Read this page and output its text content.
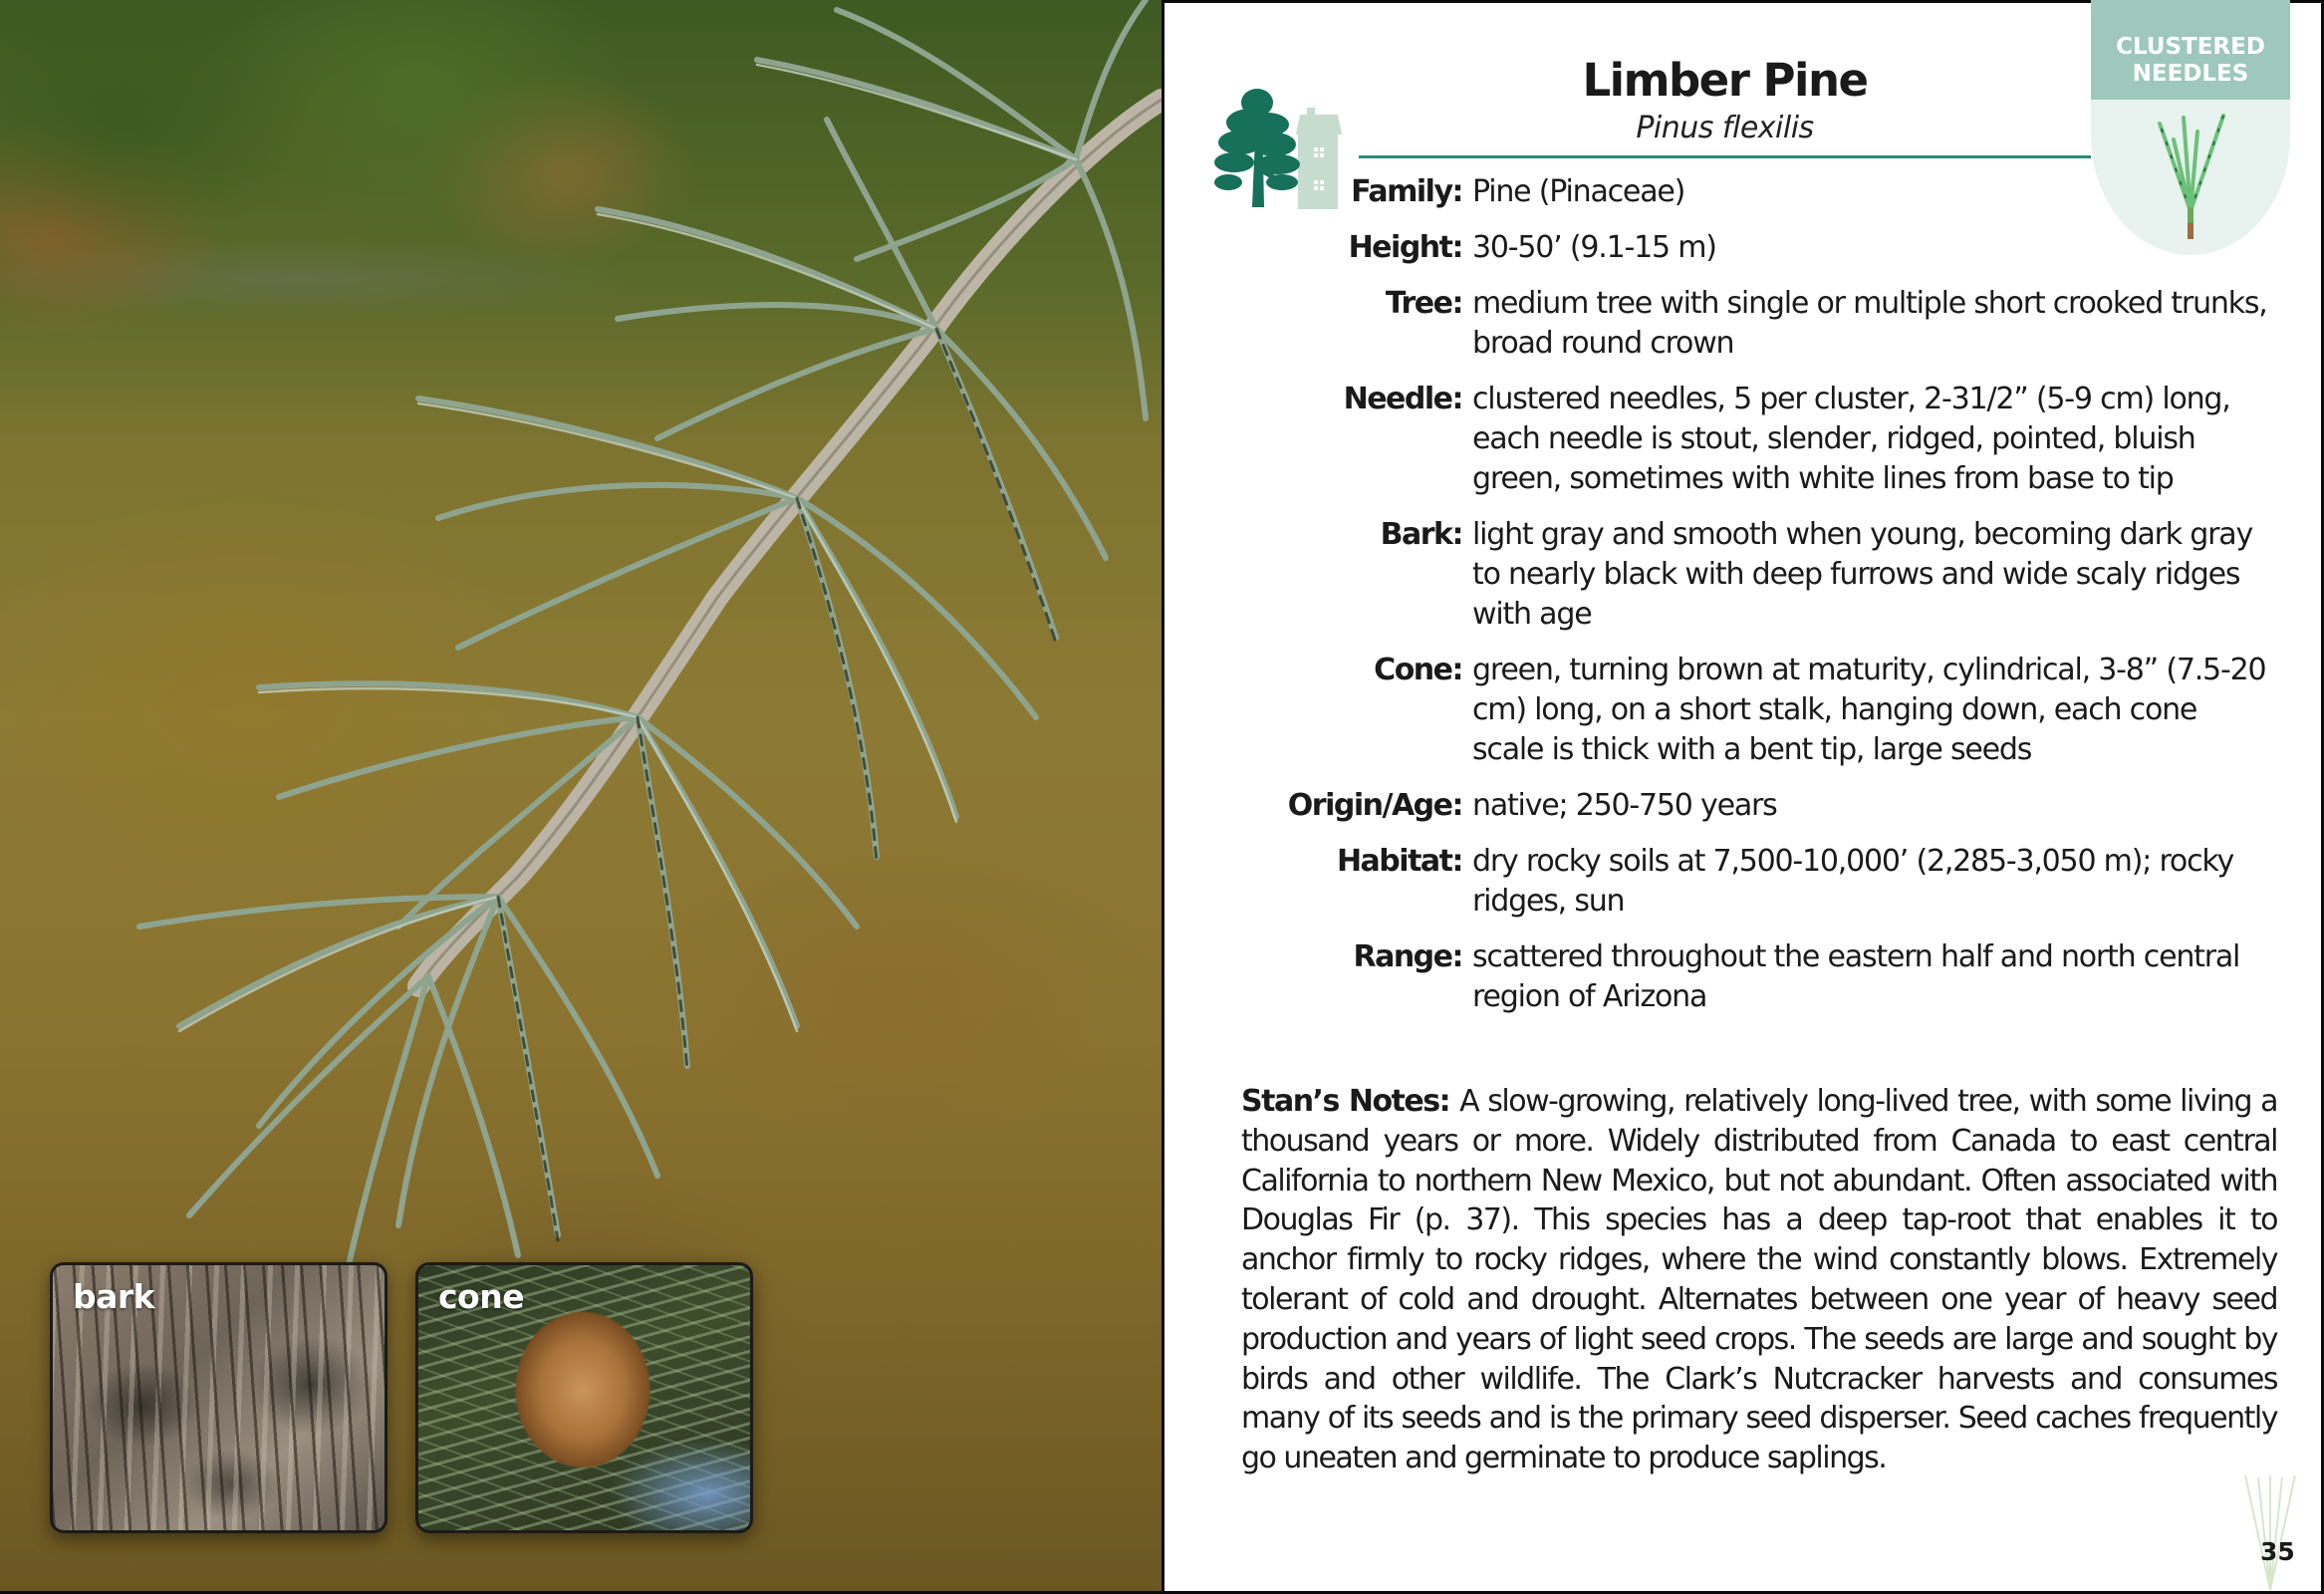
bark	cone
CLUSTERED
NEEDLES
Limber Pine
Pinus flexilis
Family: Pine (Pinaceae)
Height: 30-50’ (9.1-15 m)
Tree: medium tree with single or multiple short crooked trunks, broad round crown
Needle: clustered needles, 5 per cluster, 2-31/2” (5-9 cm) long, each needle is stout, slender, ridged, pointed, bluish green, sometimes with white lines from base to tip
Bark: light gray and smooth when young, becoming dark gray to nearly black with deep furrows and wide scaly ridges with age
Cone: green, turning brown at maturity, cylindrical, 3-8” (7.5-20 cm) long, on a short stalk, hanging down, each cone scale is thick with a bent tip, large seeds
Origin/Age: native; 250-750 years
Habitat: dry rocky soils at 7,500-10,000’ (2,285-3,050 m); rocky ridges, sun
Range: scattered throughout the eastern half and north central region of Arizona
Stan’s Notes: A slow-growing, relatively long-lived tree, with some living a thousand years or more. Widely distributed from Canada to east central California to northern New Mexico, but not abundant. Often associated with Douglas Fir (p. 37). This species has a deep tap-root that enables it to anchor firmly to rocky ridges, where the wind constantly blows. Extremely tolerant of cold and drought. Alternates between one year of heavy seed production and years of light seed crops. The seeds are large and sought by birds and other wildlife. The Clark’s Nutcracker harvests and consumes many of its seeds and is the primary seed disperser. Seed caches frequently go uneaten and germinate to produce saplings.
35
